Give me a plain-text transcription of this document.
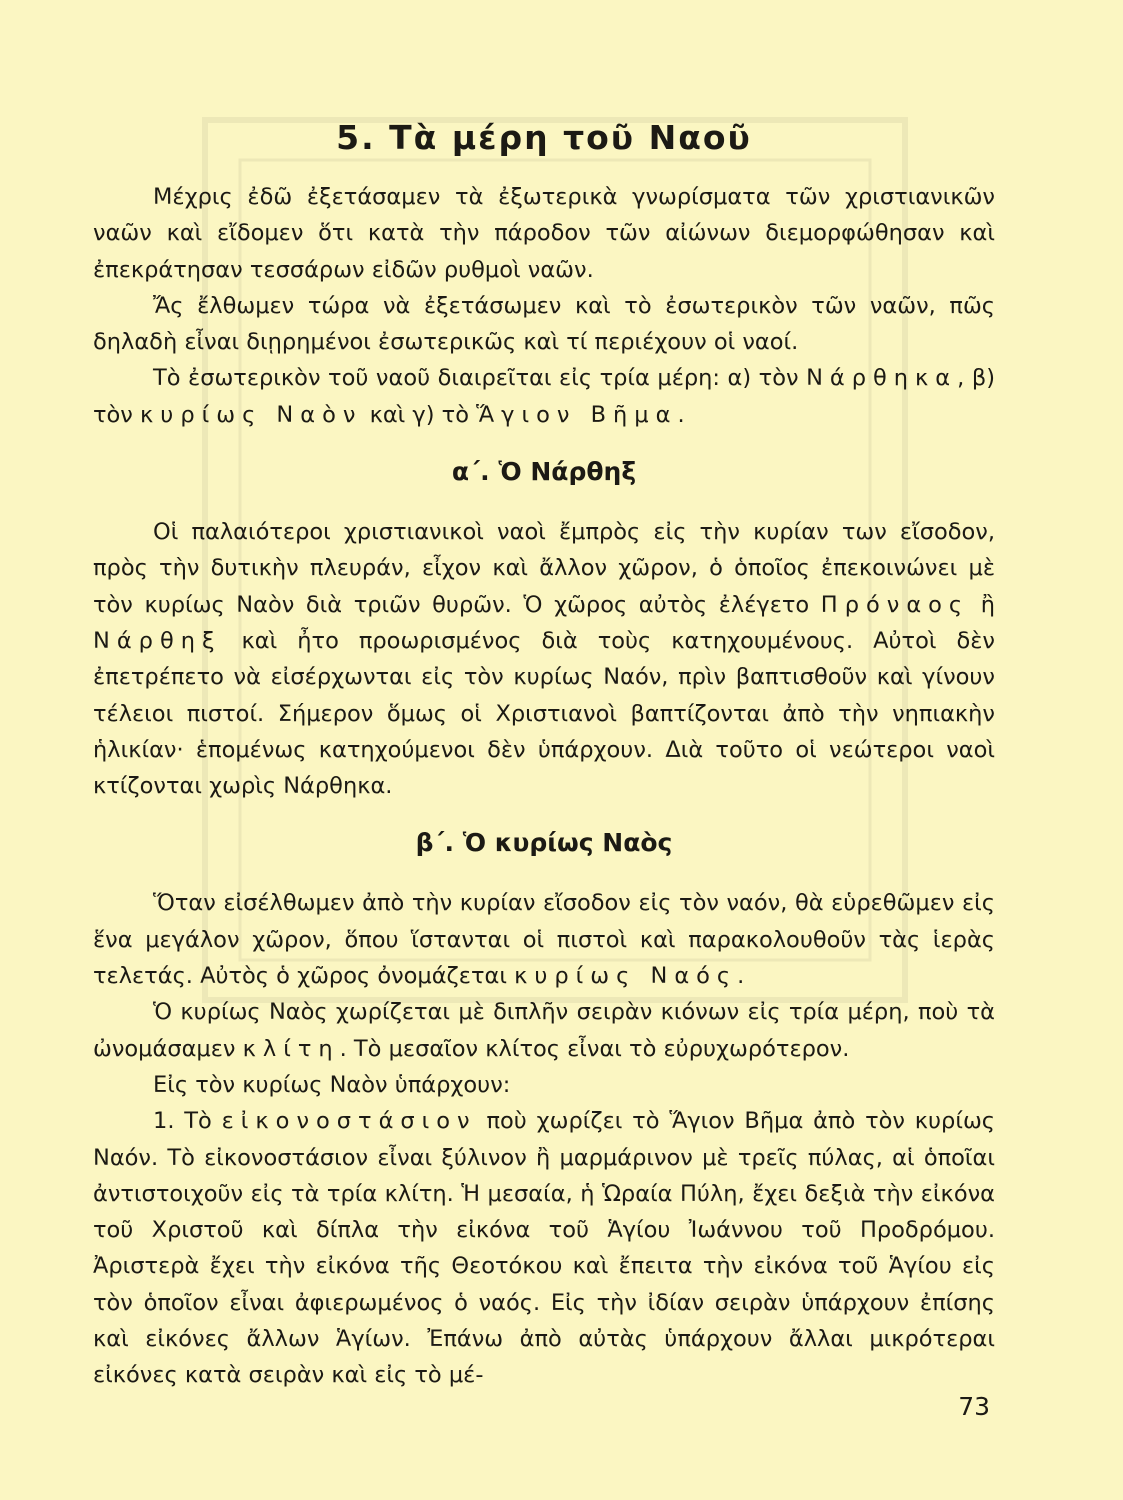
5. Τὰ μέρη τοῦ Ναοῦ

Μέχρις ἐδῶ ἐξετάσαμεν τὰ ἐξωτερικὰ γνωρίσματα τῶν χριστιανικῶν ναῶν καὶ εἴδομεν ὅτι κατὰ τὴν πάροδον τῶν αἰώνων διεμορφώθησαν καὶ ἐπεκράτησαν τεσσάρων εἰδῶν ρυθμοὶ ναῶν.

Ἄς ἔλθωμεν τώρα νὰ ἐξετάσωμεν καὶ τὸ ἐσωτερικὸν τῶν ναῶν, πῶς δηλαδὴ εἶναι διῃρημένοι ἐσωτερικῶς καὶ τί περιέχουν οἱ ναοί.

Τὸ ἐσωτερικὸν τοῦ ναοῦ διαιρεῖται εἰς τρία μέρη: α) τὸν Νάρθηκα, β) τὸν κυρίως Ναὸν καὶ γ) τὸ Ἅγιον Βῆμα.

α΄. Ὁ Νάρθηξ

Οἱ παλαιότεροι χριστιανικοὶ ναοὶ ἔμπρὸς εἰς τὴν κυρίαν των εἴσοδον, πρὸς τὴν δυτικὴν πλευράν, εἶχον καὶ ἄλλον χῶρον, ὁ ὁποῖος ἐπεκοινώνει μὲ τὸν κυρίως Ναὸν διὰ τριῶν θυρῶν. Ὁ χῶρος αὐτὸς ἐλέγετο Πρόναος ἢ Νάρθηξ καὶ ἦτο προωρισμένος διὰ τοὺς κατηχουμένους. Αὐτοὶ δὲν ἐπετρέπετο νὰ εἰσέρχωνται εἰς τὸν κυρίως Ναόν, πρὶν βαπτισθοῦν καὶ γίνουν τέλειοι πιστοί. Σήμερον ὅμως οἱ Χριστιανοὶ βαπτίζονται ἀπὸ τὴν νηπιακὴν ἡλικίαν· ἑπομένως κατηχούμενοι δὲν ὑπάρχουν. Διὰ τοῦτο οἱ νεώτεροι ναοὶ κτίζονται χωρὶς Νάρθηκα.

β΄. Ὁ κυρίως Ναὸς

Ὅταν εἰσέλθωμεν ἀπὸ τὴν κυρίαν εἴσοδον εἰς τὸν ναόν, θὰ εὑρεθῶμεν εἰς ἕνα μεγάλον χῶρον, ὅπου ἵστανται οἱ πιστοὶ καὶ παρακολουθοῦν τὰς ἱερὰς τελετάς. Αὐτὸς ὁ χῶρος ὀνομάζεται κυρίως Ναός.

Ὁ κυρίως Ναὸς χωρίζεται μὲ διπλῆν σειρὰν κιόνων εἰς τρία μέρη, ποὺ τὰ ὠνομάσαμεν κλίτη. Τὸ μεσαῖον κλίτος εἶναι τὸ εὐρυχωρότερον.

Εἰς τὸν κυρίως Ναὸν ὑπάρχουν:

1. Τὸ εἰκονοστάσιον ποὺ χωρίζει τὸ Ἅγιον Βῆμα ἀπὸ τὸν κυρίως Ναόν. Τὸ εἰκονοστάσιον εἶναι ξύλινον ἢ μαρμάρινον μὲ τρεῖς πύλας, αἱ ὁποῖαι ἀντιστοιχοῦν εἰς τὰ τρία κλίτη. Ἡ μεσαία, ἡ Ὡραία Πύλη, ἔχει δεξιὰ τὴν εἰκόνα τοῦ Χριστοῦ καὶ δίπλα τὴν εἰκόνα τοῦ Ἁγίου Ἰωάννου τοῦ Προδρόμου. Ἀριστερὰ ἔχει τὴν εἰκόνα τῆς Θεοτόκου καὶ ἔπειτα τὴν εἰκόνα τοῦ Ἁγίου εἰς τὸν ὁποῖον εἶναι ἀφιερωμένος ὁ ναός. Εἰς τὴν ἰδίαν σειρὰν ὑπάρχουν ἐπίσης καὶ εἰκόνες ἄλλων Ἁγίων. Ἐπάνω ἀπὸ αὐτὰς ὑπάρχουν ἄλλαι μικρότεραι εἰκόνες κατὰ σειρὰν καὶ εἰς τὸ μέ-

73
